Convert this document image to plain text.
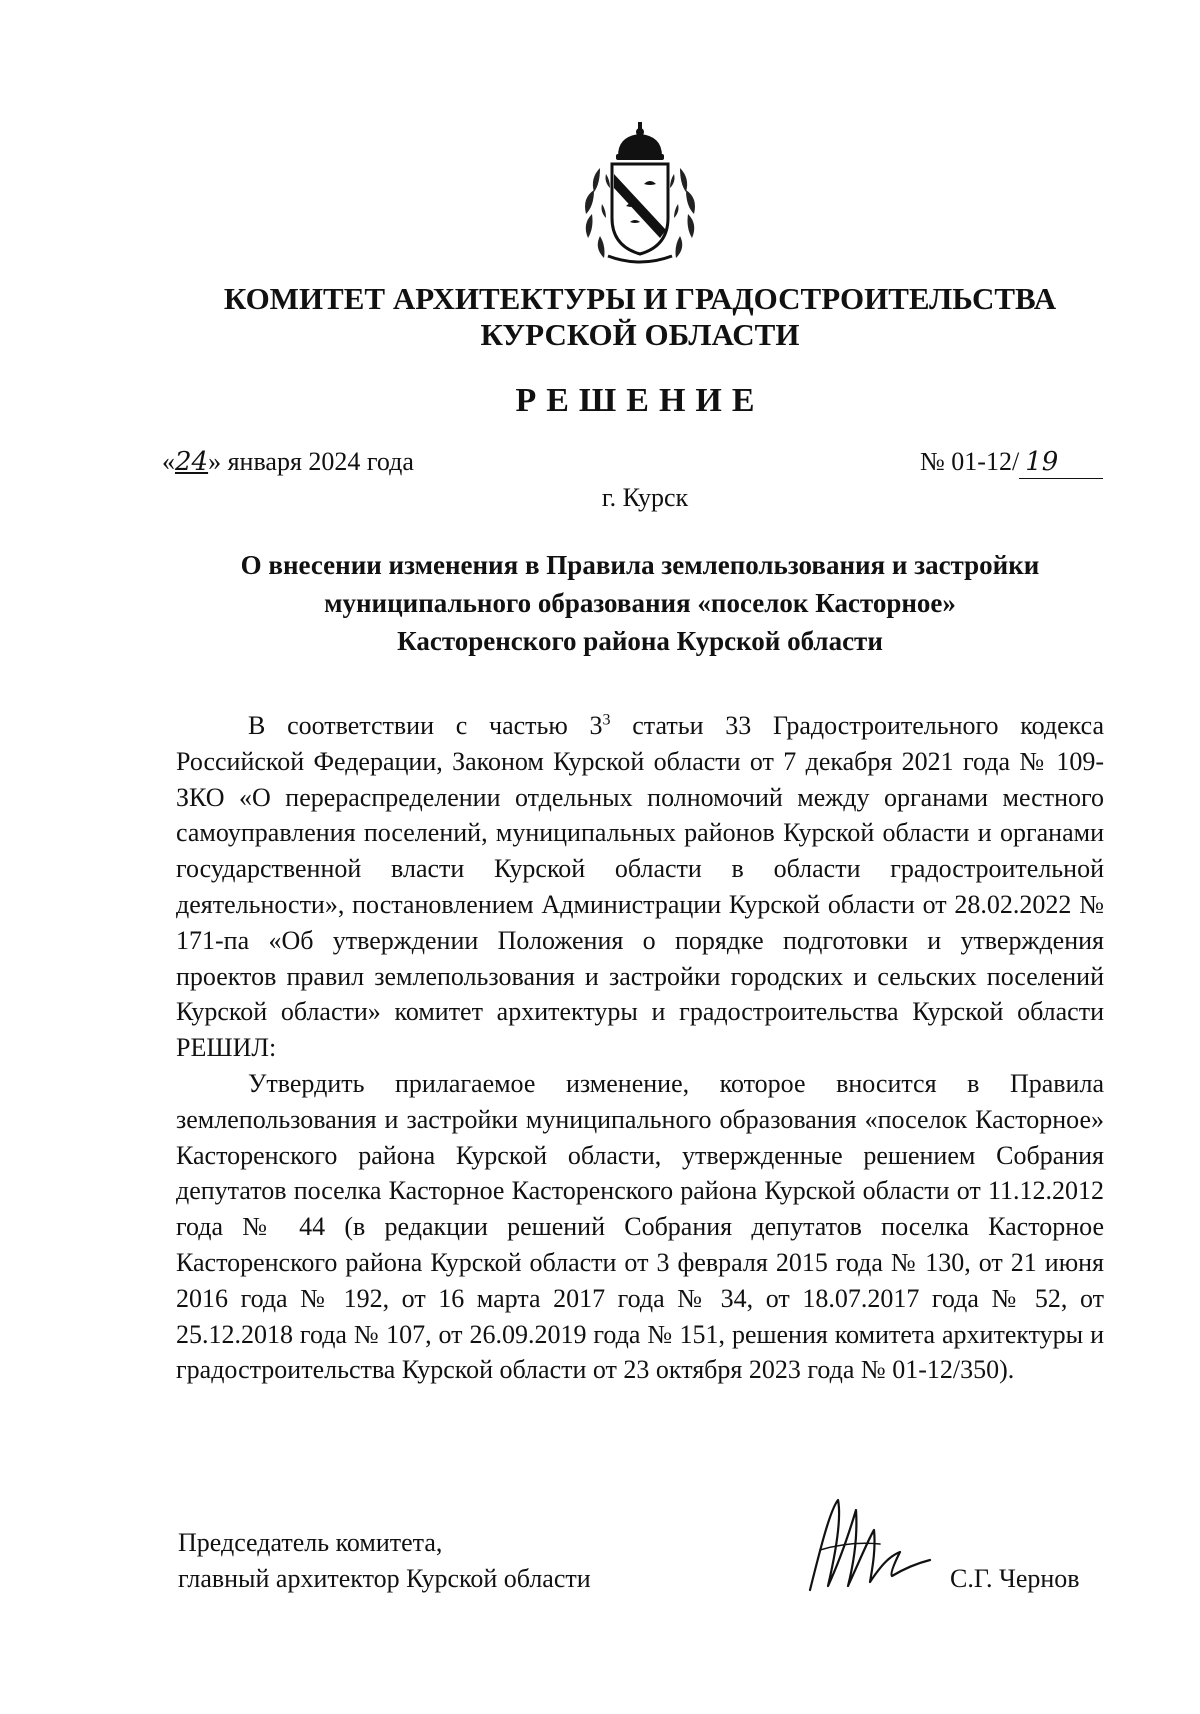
КОМИТЕТ АРХИТЕКТУРЫ И ГРАДОСТРОИТЕЛЬСТВА
КУРСКОЙ ОБЛАСТИ
РЕШЕНИЕ
«24» января 2024 года	№ 01-12/ 19
г. Курск
О внесении изменения в Правила землепользования и застройки
муниципального образования «поселок Касторное»
Касторенского района Курской области

В соответствии с частью $3^3$ статьи 33 Градостроительного кодекса Российской Федерации, Законом Курской области от 7 декабря 2021 года № 109-ЗКО «О перераспределении отдельных полномочий между органами местного самоуправления поселений, муниципальных районов Курской области и органами государственной власти Курской области в области градостроительной деятельности», постановлением Администрации Курской области от 28.02.2022 № 171-па «Об утверждении Положения о порядке подготовки и утверждения проектов правил землепользования и застройки городских и сельских поселений Курской области» комитет архитектуры и градостроительства Курской области РЕШИЛ:

Утвердить прилагаемое изменение, которое вносится в Правила землепользования и застройки муниципального образования «поселок Касторное» Касторенского района Курской области, утвержденные решением Собрания депутатов поселка Касторное Касторенского района Курской области от 11.12.2012 года № 44 (в редакции решений Собрания депутатов поселка Касторное Касторенского района Курской области от 3 февраля 2015 года № 130, от 21 июня 2016 года № 192, от 16 марта 2017 года № 34, от 18.07.2017 года № 52, от 25.12.2018 года № 107, от 26.09.2019 года № 151, решения комитета архитектуры и градостроительства Курской области от 23 октября 2023 года № 01-12/350).

Председатель комитета,
главный архитектор Курской области	С.Г. Чернов
